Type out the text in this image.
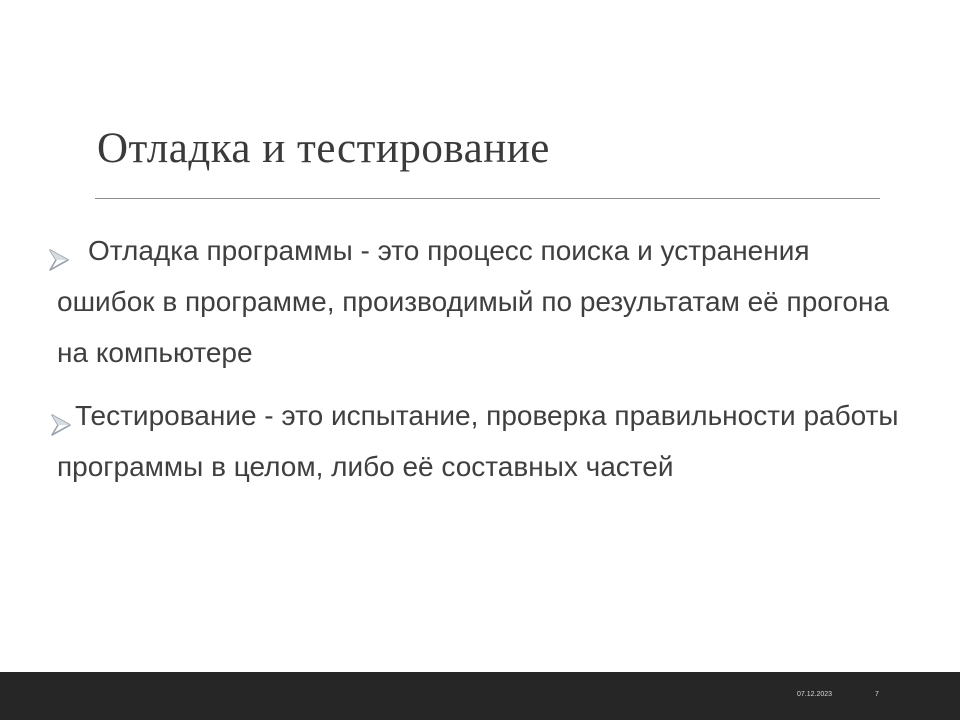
Отладка и тестирование
Отладка программы - это процесс поиска и устранения ошибок в программе, производимый по результатам её прогона на компьютере
Тестирование - это испытание, проверка правильности работы программы в целом, либо её составных частей
07.12.2023	7
